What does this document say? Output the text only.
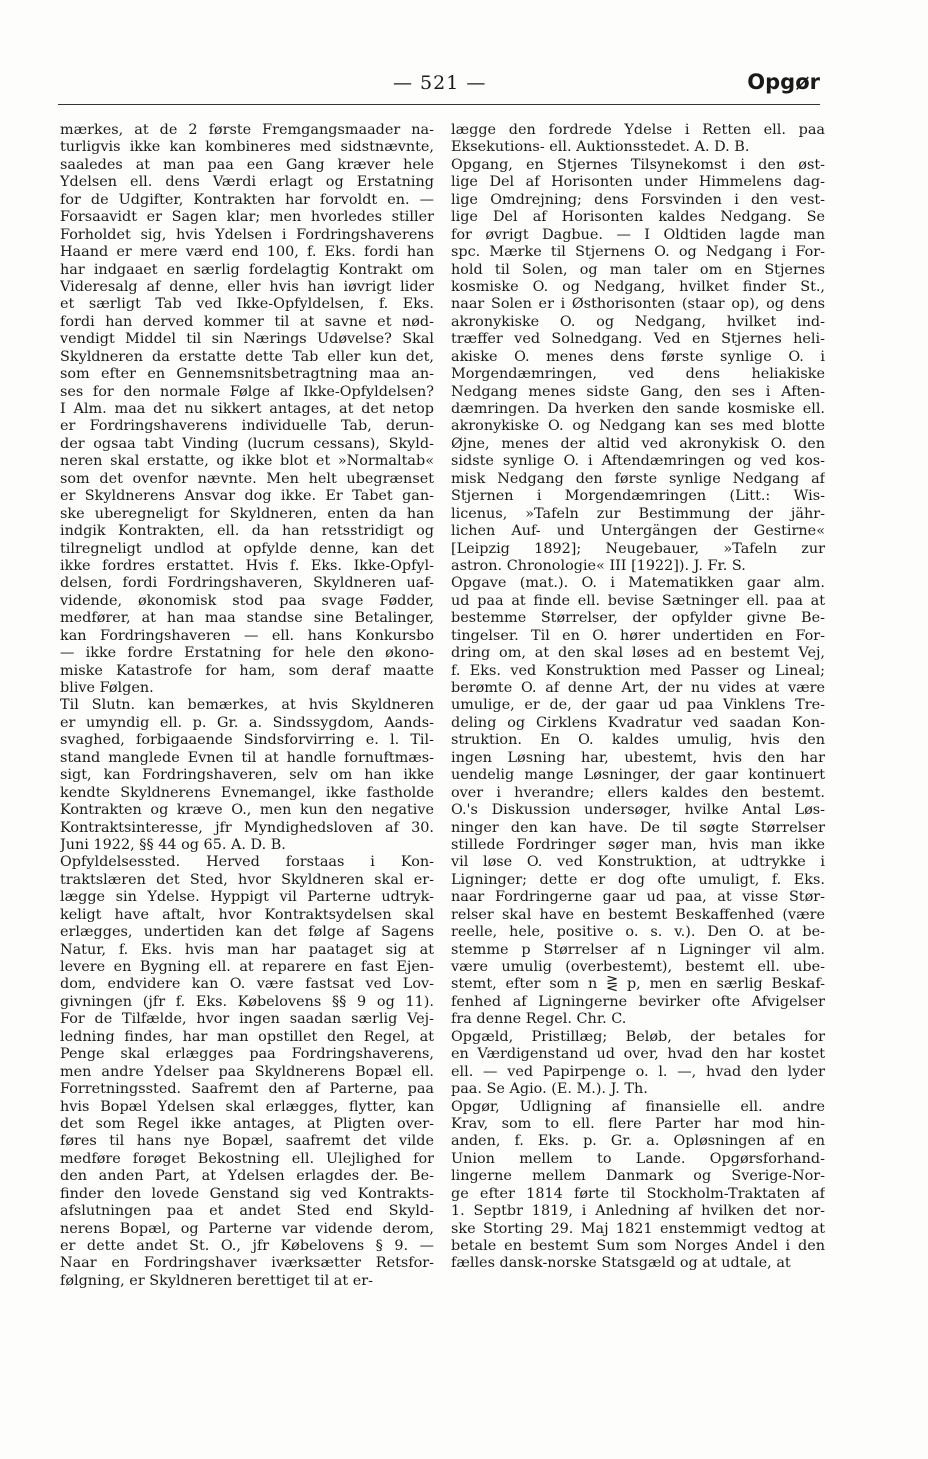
— 521 —	Opgør
mærkes, at de 2 første Fremgangsmaader na-
turligvis ikke kan kombineres med sidstnævnte,
saaledes at man paa een Gang kræver hele
Ydelsen ell. dens Værdi erlagt og Erstatning
for de Udgifter, Kontrakten har forvoldt en. —
Forsaavidt er Sagen klar; men hvorledes stiller
Forholdet sig, hvis Ydelsen i Fordringshaverens
Haand er mere værd end 100, f. Eks. fordi han
har indgaaet en særlig fordelagtig Kontrakt om
Videresalg af denne, eller hvis han iøvrigt lider
et særligt Tab ved Ikke-Opfyldelsen, f. Eks.
fordi han derved kommer til at savne et nød-
vendigt Middel til sin Nærings Udøvelse? Skal
Skyldneren da erstatte dette Tab eller kun det,
som efter en Gennemsnitsbetragtning maa an-
ses for den normale Følge af Ikke-Opfyldelsen?
I Alm. maa det nu sikkert antages, at det netop
er Fordringshaverens individuelle Tab, derun-
der ogsaa tabt Vinding (lucrum cessans), Skyld-
neren skal erstatte, og ikke blot et »Normaltab«
som det ovenfor nævnte. Men helt ubegrænset
er Skyldnerens Ansvar dog ikke. Er Tabet gan-
ske uberegneligt for Skyldneren, enten da han
indgik Kontrakten, ell. da han retsstridigt og
tilregneligt undlod at opfylde denne, kan det
ikke fordres erstattet. Hvis f. Eks. Ikke-Opfyl-
delsen, fordi Fordringshaveren, Skyldneren uaf-
vidende, økonomisk stod paa svage Fødder,
medfører, at han maa standse sine Betalinger,
kan Fordringshaveren — ell. hans Konkursbo
— ikke fordre Erstatning for hele den økono-
miske Katastrofe for ham, som deraf maatte
blive Følgen.
Til Slutn. kan bemærkes, at hvis Skyldneren
er umyndig ell. p. Gr. a. Sindssygdom, Aands-
svaghed, forbigaaende Sindsforvirring e. l. Til-
stand manglede Evnen til at handle fornuftmæs-
sigt, kan Fordringshaveren, selv om han ikke
kendte Skyldnerens Evnemangel, ikke fastholde
Kontrakten og kræve O., men kun den negative
Kontraktsinteresse, jfr Myndighedsloven af 30.
Juni 1922, §§ 44 og 65. A. D. B.
Opfyldelsessted. Herved forstaas i Kon-
traktslæren det Sted, hvor Skyldneren skal er-
lægge sin Ydelse. Hyppigt vil Parterne udtryk-
keligt have aftalt, hvor Kontraktsydelsen skal
erlægges, undertiden kan det følge af Sagens
Natur, f. Eks. hvis man har paataget sig at
levere en Bygning ell. at reparere en fast Ejen-
dom, endvidere kan O. være fastsat ved Lov-
givningen (jfr f. Eks. Købelovens §§ 9 og 11).
For de Tilfælde, hvor ingen saadan særlig Vej-
ledning findes, har man opstillet den Regel, at
Penge skal erlægges paa Fordringshaverens,
men andre Ydelser paa Skyldnerens Bopæl ell.
Forretningssted. Saafremt den af Parterne, paa
hvis Bopæl Ydelsen skal erlægges, flytter, kan
det som Regel ikke antages, at Pligten over-
føres til hans nye Bopæl, saafremt det vilde
medføre forøget Bekostning ell. Ulejlighed for
den anden Part, at Ydelsen erlagdes der. Be-
finder den lovede Genstand sig ved Kontrakts-
afslutningen paa et andet Sted end Skyld-
nerens Bopæl, og Parterne var vidende derom,
er dette andet St. O., jfr Købelovens § 9. —
Naar en Fordringshaver iværksætter Retsfor-
følgning, er Skyldneren berettiget til at er-
lægge den fordrede Ydelse i Retten ell. paa
Eksekutions- ell. Auktionsstedet. A. D. B.
Opgang, en Stjernes Tilsynekomst i den øst-
lige Del af Horisonten under Himmelens dag-
lige Omdrejning; dens Forsvinden i den vest-
lige Del af Horisonten kaldes Nedgang. Se
for øvrigt Dagbue. — I Oldtiden lagde man
spc. Mærke til Stjernens O. og Nedgang i For-
hold til Solen, og man taler om en Stjernes
kosmiske O. og Nedgang, hvilket finder St.,
naar Solen er i Østhorisonten (staar op), og dens
akronykiske O. og Nedgang, hvilket ind-
træffer ved Solnedgang. Ved en Stjernes heli-
akiske O. menes dens første synlige O. i
Morgendæmringen, ved dens heliakiske
Nedgang menes sidste Gang, den ses i Aften-
dæmringen. Da hverken den sande kosmiske ell.
akronykiske O. og Nedgang kan ses med blotte
Øjne, menes der altid ved akronykisk O. den
sidste synlige O. i Aftendæmringen og ved kos-
misk Nedgang den første synlige Nedgang af
Stjernen i Morgendæmringen (Litt.: Wis-
licenus, »Tafeln zur Bestimmung der jähr-
lichen Auf- und Untergängen der Gestirne«
[Leipzig 1892]; Neugebauer, »Tafeln zur
astron. Chronologie« III [1922]). J. Fr. S.
Opgave (mat.). O. i Matematikken gaar alm.
ud paa at finde ell. bevise Sætninger ell. paa at
bestemme Størrelser, der opfylder givne Be-
tingelser. Til en O. hører undertiden en For-
dring om, at den skal løses ad en bestemt Vej,
f. Eks. ved Konstruktion med Passer og Lineal;
berømte O. af denne Art, der nu vides at være
umulige, er de, der gaar ud paa Vinklens Tre-
deling og Cirklens Kvadratur ved saadan Kon-
struktion. En O. kaldes umulig, hvis den
ingen Løsning har, ubestemt, hvis den har
uendelig mange Løsninger, der gaar kontinuert
over i hverandre; ellers kaldes den bestemt.
O.'s Diskussion undersøger, hvilke Antal Løs-
ninger den kan have. De til søgte Størrelser
stillede Fordringer søger man, hvis man ikke
vil løse O. ved Konstruktion, at udtrykke i
Ligninger; dette er dog ofte umuligt, f. Eks.
naar Fordringerne gaar ud paa, at visse Stør-
relser skal have en bestemt Beskaffenhed (være
reelle, hele, positive o. s. v.). Den O. at be-
stemme p Størrelser af n Ligninger vil alm.
være umulig (overbestemt), bestemt ell. ube-
stemt, efter som n ⋛ p, men en særlig Beskaf-
fenhed af Ligningerne bevirker ofte Afvigelser
fra denne Regel. Chr. C.
Opgæld, Pristillæg; Beløb, der betales for
en Værdigenstand ud over, hvad den har kostet
ell. — ved Papirpenge o. l. —, hvad den lyder
paa. Se Agio. (E. M.). J. Th.
Opgør, Udligning af finansielle ell. andre
Krav, som to ell. flere Parter har mod hin-
anden, f. Eks. p. Gr. a. Opløsningen af en
Union mellem to Lande. Opgørsforhand-
lingerne mellem Danmark og Sverige-Nor-
ge efter 1814 førte til Stockholm-Traktaten af
1. Septbr 1819, i Anledning af hvilken det nor-
ske Storting 29. Maj 1821 enstemmigt vedtog at
betale en bestemt Sum som Norges Andel i den
fælles dansk-norske Statsgæld og at udtale, at
